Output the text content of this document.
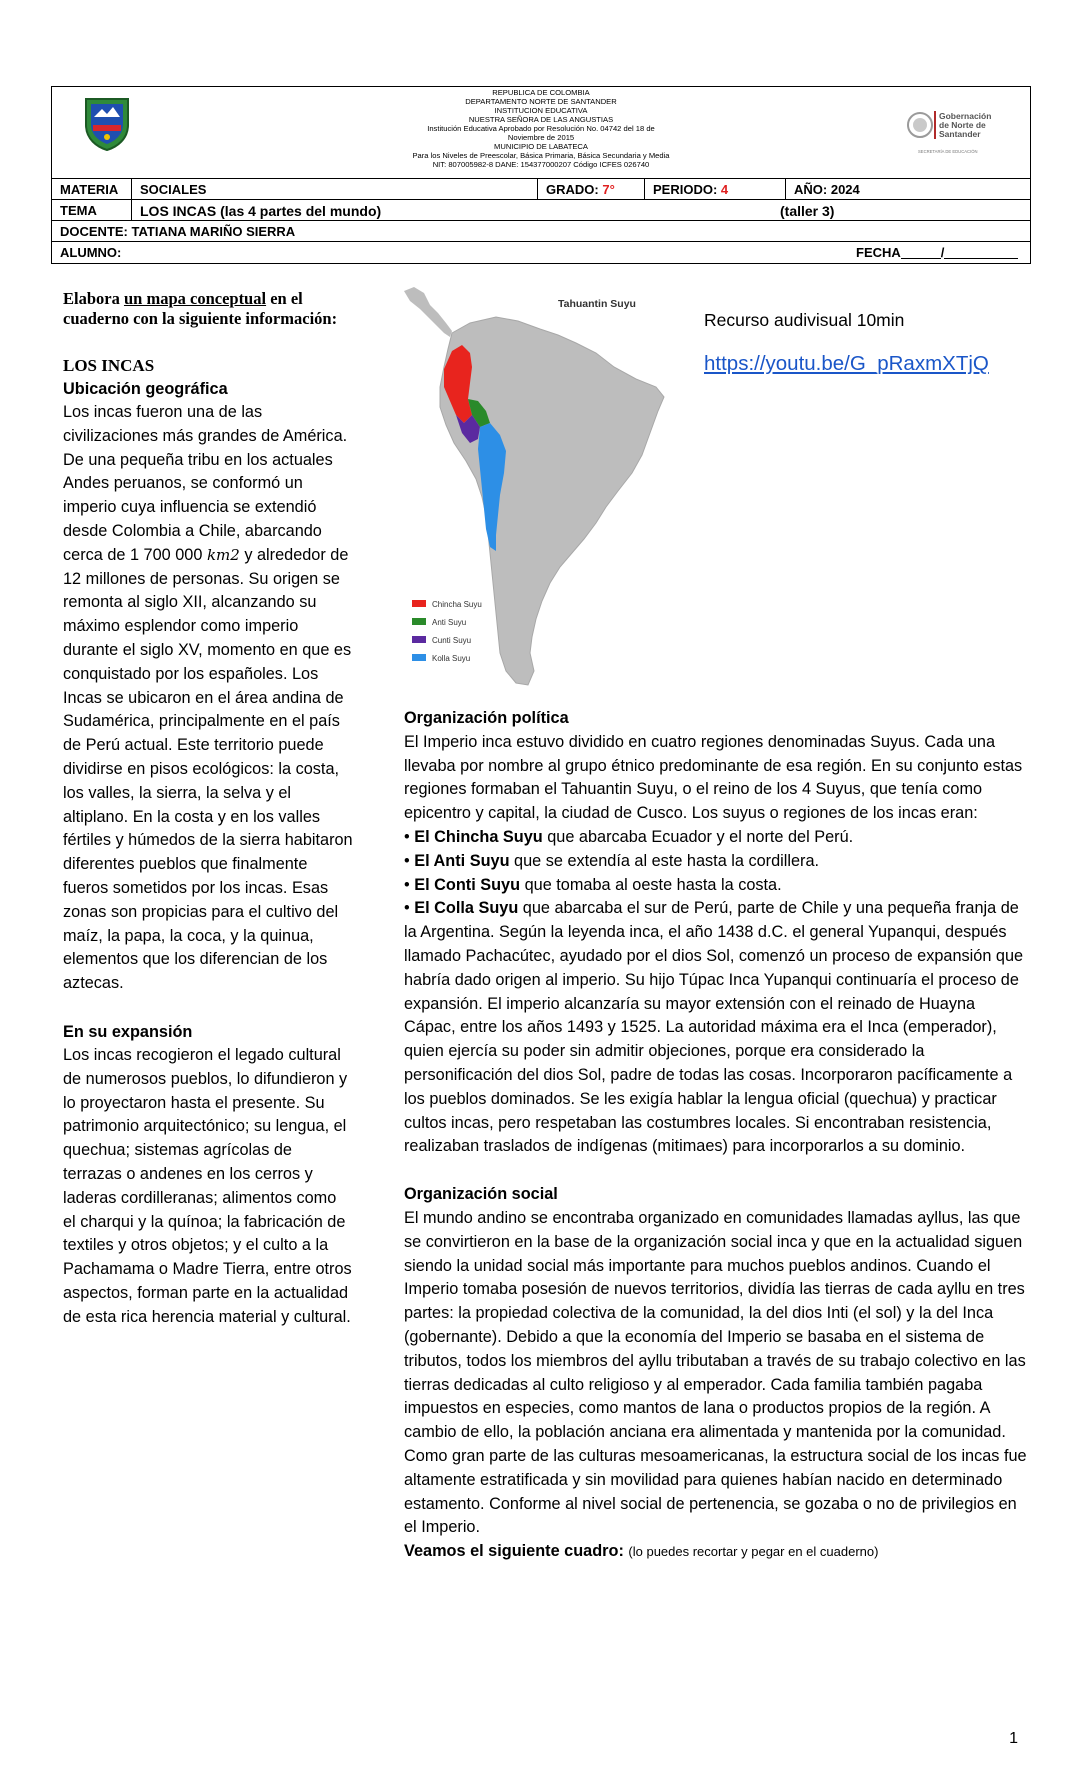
REPUBLICA DE COLOMBIA
DEPARTAMENTO NORTE DE SANTANDER
INSTITUCION EDUCATIVA
NUESTRA SEÑORA DE LAS ANGUSTIAS
Institución Educativa Aprobado por Resolución No. 04742 del 18 de
Noviembre de 2015
MUNICIPIO DE LABATECA
Para los Niveles de Preescolar, Básica Primaria, Básica Secundaria y Media
NIT: 807005982-8 DANE: 154377000207 Código ICFES 026740
Gobernación
de Norte de
Santander
SECRETARÍA DE EDUCACIÓN
MATERIA	SOCIALES	GRADO: 7°	PERIODO: 4	AÑO: 2024
TEMA	LOS INCAS (las 4 partes del mundo)	(taller 3)
DOCENTE: TATIANA MARIÑO SIERRA
ALUMNO:	FECHA	/

Elabora un mapa conceptual en el cuaderno con la siguiente información:

LOS INCAS

Ubicación geográfica

Los incas fueron una de las civilizaciones más grandes de América. De una pequeña tribu en los actuales Andes peruanos, se conformó un imperio cuya influencia se extendió desde Colombia a Chile, abarcando cerca de 1 700 000 km2 y alrededor de 12 millones de personas. Su origen se remonta al siglo XII, alcanzando su máximo esplendor como imperio durante el siglo XV, momento en que es conquistado por los españoles. Los Incas se ubicaron en el área andina de Sudamérica, principalmente en el país de Perú actual. Este territorio puede dividirse en pisos ecológicos: la costa, los valles, la sierra, la selva y el altiplano. En la costa y en los valles fértiles y húmedos de la sierra habitaron diferentes pueblos que finalmente fueros sometidos por los incas. Esas zonas son propicias para el cultivo del maíz, la papa, la coca, y la quinua, elementos que los diferencian de los aztecas.

En su expansión

Los incas recogieron el legado cultural de numerosos pueblos, lo difundieron y lo proyectaron hasta el presente. Su patrimonio arquitectónico; su lengua, el quechua; sistemas agrícolas de terrazas o andenes en los cerros y laderas cordilleranas; alimentos como el charqui y la quínoa; la fabricación de textiles y otros objetos; y el culto a la Pachamama o Madre Tierra, entre otros aspectos, forman parte en la actualidad de esta rica herencia material y cultural.

Tahuantin Suyu
Chincha Suyu
Anti Suyu
Cunti Suyu
Kolla Suyu
Recurso audivisual 10min
https://youtu.be/G_pRaxmXTjQ

Organización política

El Imperio inca estuvo dividido en cuatro regiones denominadas Suyus. Cada una llevaba por nombre al grupo étnico predominante de esa región. En su conjunto estas regiones formaban el Tahuantin Suyu, o el reino de los 4 Suyus, que tenía como epicentro y capital, la ciudad de Cusco. Los suyus o regiones de los incas eran:

• El Chincha Suyu que abarcaba Ecuador y el norte del Perú.

• El Anti Suyu que se extendía al este hasta la cordillera.

• El Conti Suyu que tomaba al oeste hasta la costa.

• El Colla Suyu que abarcaba el sur de Perú, parte de Chile y una pequeña franja de la Argentina. Según la leyenda inca, el año 1438 d.C. el general Yupanqui, después llamado Pachacútec, ayudado por el dios Sol, comenzó un proceso de expansión que habría dado origen al imperio. Su hijo Túpac Inca Yupanqui continuaría el proceso de expansión. El imperio alcanzaría su mayor extensión con el reinado de Huayna Cápac, entre los años 1493 y 1525. La autoridad máxima era el Inca (emperador), quien ejercía su poder sin admitir objeciones, porque era considerado la personificación del dios Sol, padre de todas las cosas. Incorporaron pacíficamente a los pueblos dominados. Se les exigía hablar la lengua oficial (quechua) y practicar cultos incas, pero respetaban las costumbres locales. Si encontraban resistencia, realizaban traslados de indígenas (mitimaes) para incorporarlos a su dominio.

Organización social

El mundo andino se encontraba organizado en comunidades llamadas ayllus, las que se convirtieron en la base de la organización social inca y que en la actualidad siguen siendo la unidad social más importante para muchos pueblos andinos. Cuando el Imperio tomaba posesión de nuevos territorios, dividía las tierras de cada ayllu en tres partes: la propiedad colectiva de la comunidad, la del dios Inti (el sol) y la del Inca (gobernante). Debido a que la economía del Imperio se basaba en el sistema de tributos, todos los miembros del ayllu tributaban a través de su trabajo colectivo en las tierras dedicadas al culto religioso y al emperador. Cada familia también pagaba impuestos en especies, como mantos de lana o productos propios de la región. A cambio de ello, la población anciana era alimentada y mantenida por la comunidad. Como gran parte de las culturas mesoamericanas, la estructura social de los incas fue altamente estratificada y sin movilidad para quienes habían nacido en determinado estamento. Conforme al nivel social de pertenencia, se gozaba o no de privilegios en el Imperio.

Veamos el siguiente cuadro: (lo puedes recortar y pegar en el cuaderno)

1
